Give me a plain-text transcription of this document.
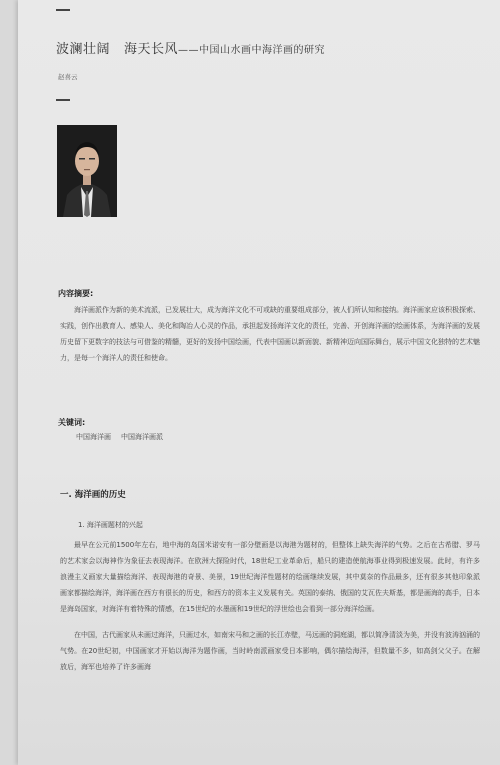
波澜壮阔 海天长风——中国山水画中海洋画的研究
赵喜云
内容摘要:
海洋画派作为新的美术流派，已发展壮大，成为海洋文化不可或缺的重要组成部分，被人们所认知和接纳。海洋画家应该积极探索、实践，创作出教育人、感染人、美化和陶冶人心灵的作品，承担起发扬海洋文化的责任，完善、开创海洋画的绘画体系，为海洋画的发展历史留下更数字的技法与可借鉴的精髓，更好的发扬中国绘画，代表中国画以新面貌、新精神迈向国际舞台，展示中国文化独特的艺术魅力，是每一个海洋人的责任和使命。
关键词:
中国海洋画 中国海洋画派
一. 海洋画的历史
1. 海洋画题材的兴起
最早在公元前1500年左右，地中海的岛国米诺安有一部分壁画是以海港为题材的，但整体上缺失海洋的气势。之后在古希腊、罗马的艺术家会以海神作为象征去表现海洋。在欧洲大探险时代，18世纪工业革命后，船只的建造使航海事业得到极速发展。此时，有许多浪漫主义画家大量描绘海洋、表现海港的奇景、美景，19世纪海洋性题材的绘画继续发展，其中莫奈的作品最多，还有很多其他印象派画家都描绘海洋，海洋画在西方有很长的历史，和西方的资本主义发展有关。英国的泰纳、俄国的艾瓦佐夫斯基，都是画海的高手，日本是海岛国家，对海洋有着特殊的情感，在15世纪的水墨画和19世纪的浮世绘也会看到一部分海洋绘画。
在中国，古代画家从未画过海洋，只画过水，如南宋马和之画的长江赤壁，马远画的洞庭湖，都以简净清淡为美，并没有波涛汹涌的气势。在20世纪初，中国画家才开始以海洋为题作画，当时岭南派画家受日本影响，偶尔描绘海洋，但数量不多，如高剑父父子。在解放后，海军也培养了许多画海
